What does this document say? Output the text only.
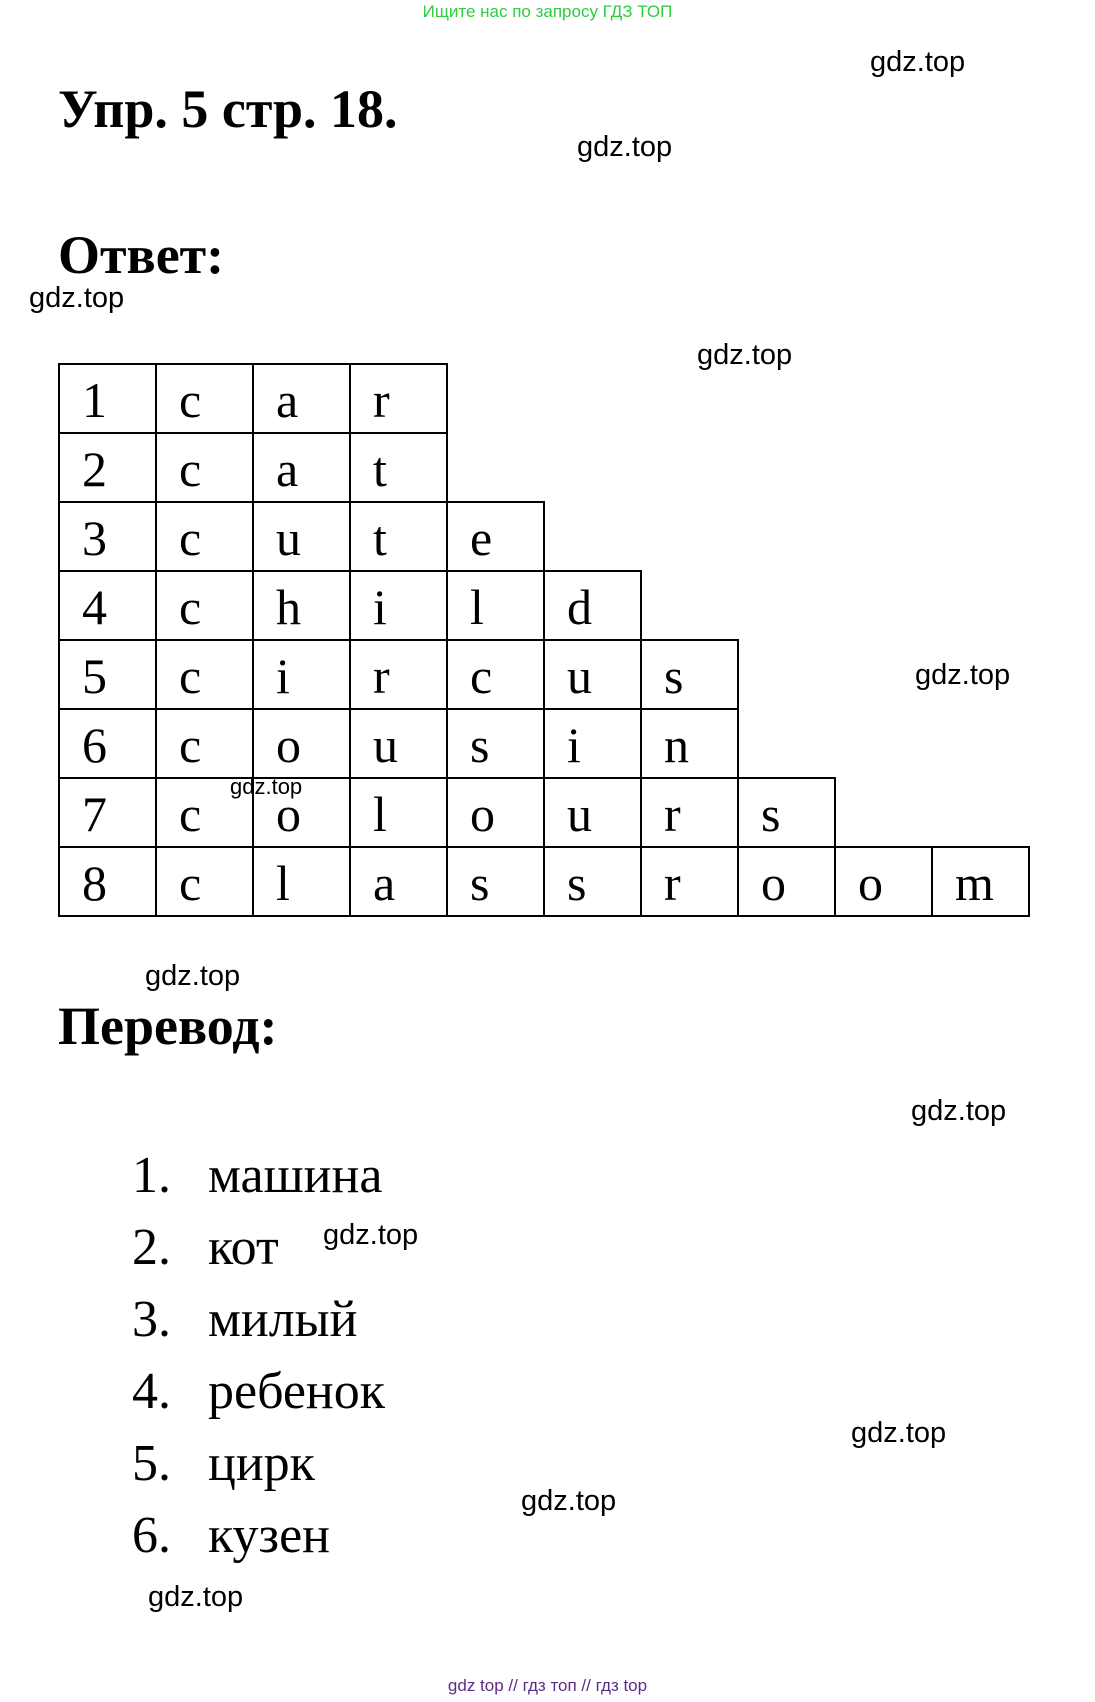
Ищите нас по запросу ГДЗ ТОП
Упр. 5 стр. 18.
Ответ:
1	c	a	r
2	c	a	t
3	c	u	t	e
4	c	h	i	l	d
5	c	i	r	c	u	s
6	c	o	u	s	i	n
7	c	o	l	o	u	r	s
8	c	l	a	s	s	r	o	o	m
Перевод:
1. машина
2. кот
3. милый
4. ребенок
5. цирк
6. кузен
gdz.top
gdz.top
gdz.top
gdz.top
gdz.top
gdz.top
gdz.top
gdz.top
gdz.top
gdz.top
gdz.top
gdz.top
gdz top // гдз топ // гдз top
